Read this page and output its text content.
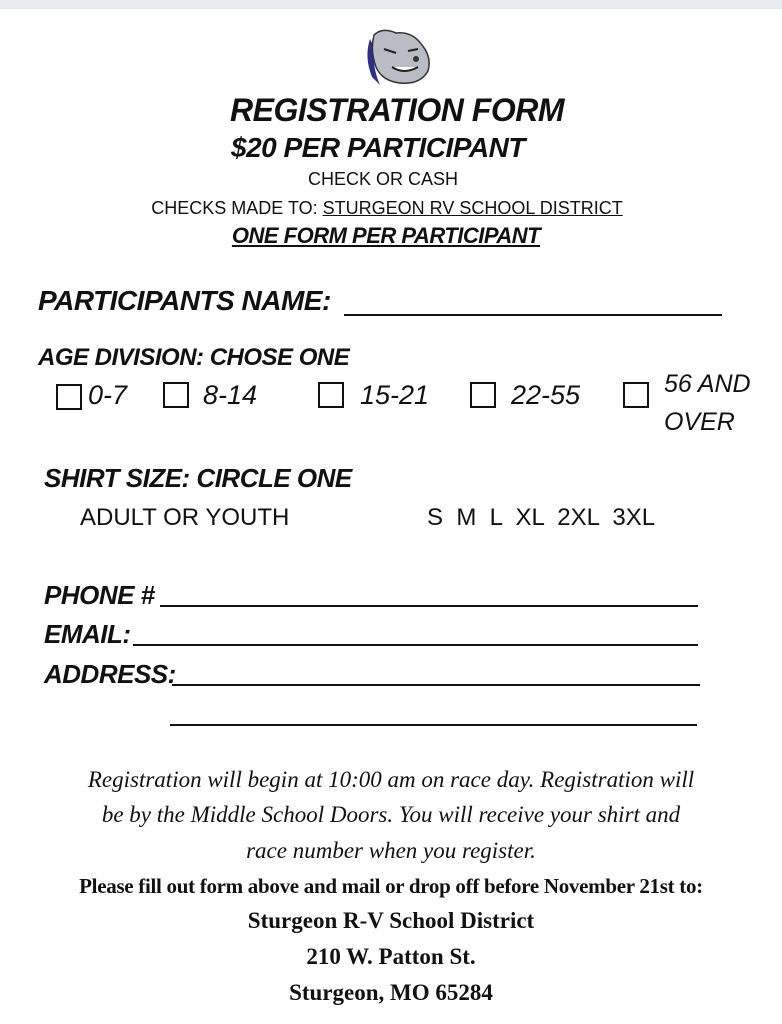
REGISTRATION FORM
$20 PER PARTICIPANT
CHECK OR CASH
CHECKS MADE TO: STURGEON RV SCHOOL DISTRICT
ONE FORM PER PARTICIPANT
PARTICIPANTS NAME:
AGE DIVISION: CHOSE ONE
0-7	8-14	15-21	22-55	56 AND
OVER
SHIRT SIZE: CIRCLE ONE
ADULT OR YOUTH	S  M  L  XL  2XL  3XL
PHONE #
EMAIL:
ADDRESS:
Registration will begin at 10:00 am on race day. Registration will
be by the Middle School Doors. You will receive your shirt and
race number when you register.
Please fill out form above and mail or drop off before November 21st to:
Sturgeon R-V School District
210 W. Patton St.
Sturgeon, MO 65284
